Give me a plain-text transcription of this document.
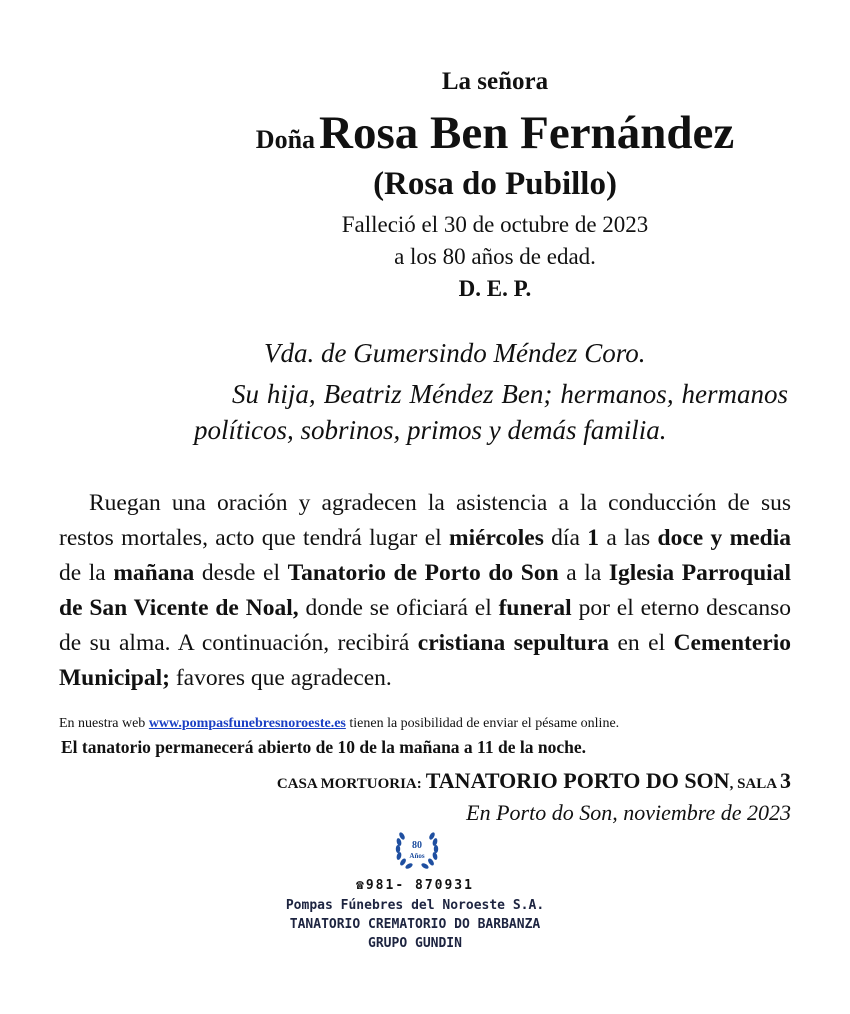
La señora
Doña Rosa Ben Fernández
(Rosa do Pubillo)
Falleció el 30 de octubre de 2023
a los 80 años de edad.
D. E. P.
Vda. de Gumersindo Méndez Coro.

Su hija, Beatriz Méndez Ben; hermanos, hermanos políticos, sobrinos, primos y demás familia.

Ruegan una oración y agradecen la asistencia a la conducción de sus restos mortales, acto que tendrá lugar el miércoles día 1 a las doce y media de la mañana desde el Tanatorio de Porto do Son a la Iglesia Parroquial de San Vicente de Noal, donde se oficiará el funeral por el eterno descanso de su alma. A continuación, recibirá cristiana sepultura en el Cementerio Municipal; favores que agradecen.

En nuestra web www.pompasfunebresnoroeste.es tienen la posibilidad de enviar el pésame online.
El tanatorio permanecerá abierto de 10 de la mañana a 11 de la noche.
CASA MORTUORIA: TANATORIO PORTO DO SON, SALA 3
En Porto do Son, noviembre de 2023
80
Años
☎981- 870931
Pompas Fúnebres del Noroeste S.A.
TANATORIO CREMATORIO DO BARBANZA
GRUPO GUNDIN
